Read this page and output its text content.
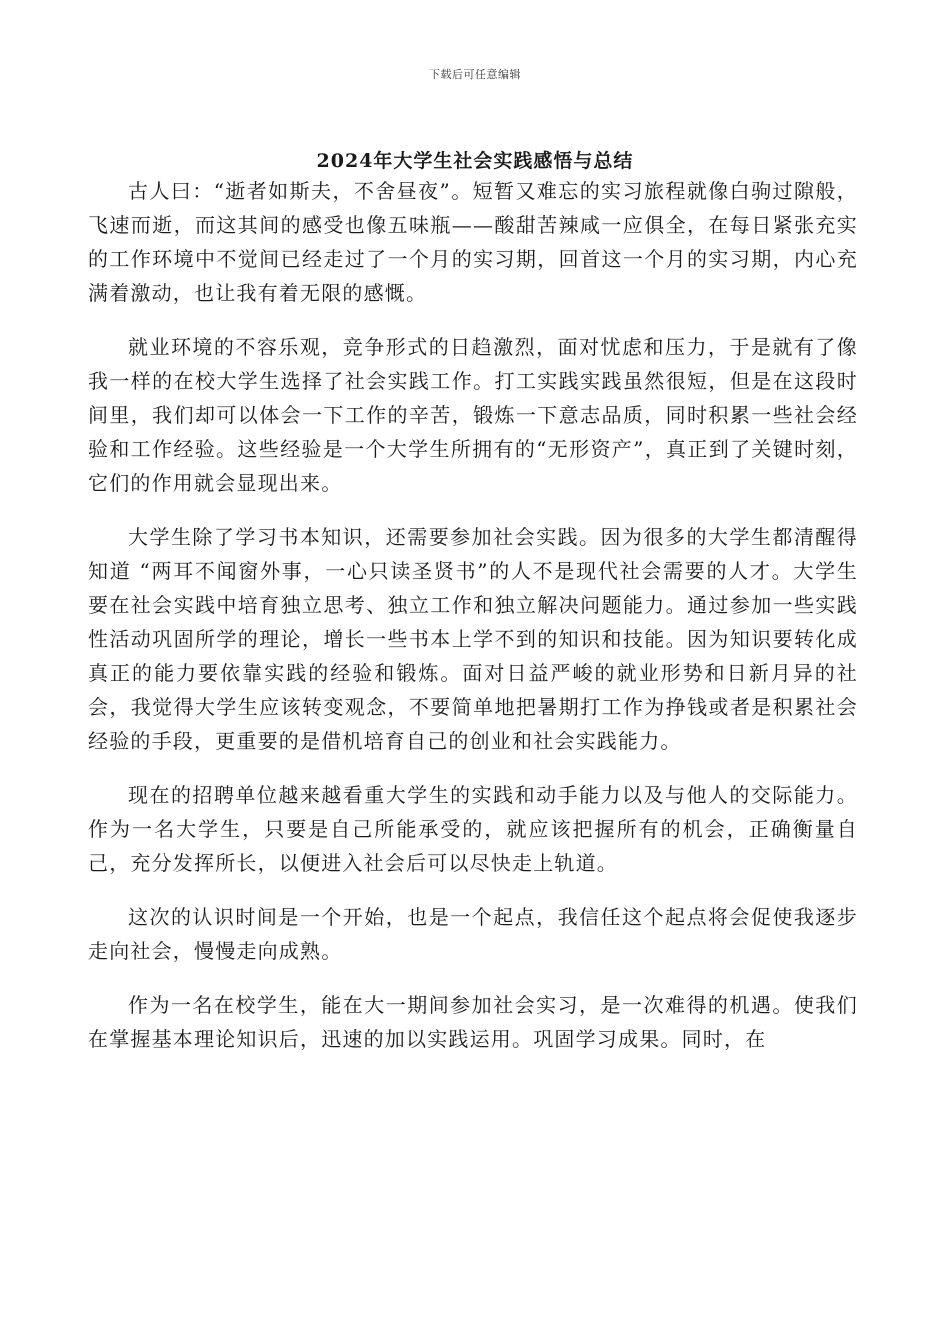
下载后可任意编辑
2024年大学生社会实践感悟与总结

古人曰：“逝者如斯夫，不舍昼夜”。短暂又难忘的实习旅程就像白驹过隙般，飞速而逝，而这其间的感受也像五味瓶——酸甜苦辣咸一应俱全，在每日紧张充实的工作环境中不觉间已经走过了一个月的实习期，回首这一个月的实习期，内心充满着激动，也让我有着无限的感慨。

就业环境的不容乐观，竞争形式的日趋激烈，面对忧虑和压力，于是就有了像我一样的在校大学生选择了社会实践工作。打工实践实践虽然很短，但是在这段时间里，我们却可以体会一下工作的辛苦，锻炼一下意志品质，同时积累一些社会经验和工作经验。这些经验是一个大学生所拥有的“无形资产”，真正到了关键时刻，它们的作用就会显现出来。

大学生除了学习书本知识，还需要参加社会实践。因为很多的大学生都清醒得知道 “两耳不闻窗外事，一心只读圣贤书”的人不是现代社会需要的人才。大学生要在社会实践中培育独立思考、独立工作和独立解决问题能力。通过参加一些实践性活动巩固所学的理论，增长一些书本上学不到的知识和技能。因为知识要转化成真正的能力要依靠实践的经验和锻炼。面对日益严峻的就业形势和日新月异的社会，我觉得大学生应该转变观念，不要简单地把暑期打工作为挣钱或者是积累社会经验的手段，更重要的是借机培育自己的创业和社会实践能力。

现在的招聘单位越来越看重大学生的实践和动手能力以及与他人的交际能力。作为一名大学生，只要是自己所能承受的，就应该把握所有的机会，正确衡量自己，充分发挥所长，以便进入社会后可以尽快走上轨道。

这次的认识时间是一个开始，也是一个起点，我信任这个起点将会促使我逐步走向社会，慢慢走向成熟。

作为一名在校学生，能在大一期间参加社会实习，是一次难得的机遇。使我们在掌握基本理论知识后，迅速的加以实践运用。巩固学习成果。同时，在
